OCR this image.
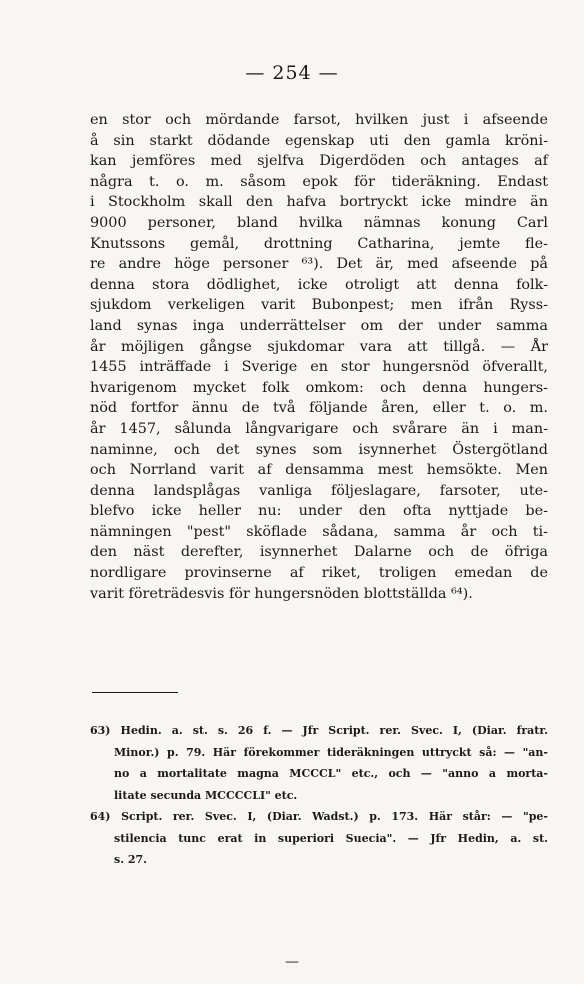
— 254 —
en stor och mördande farsot, hvilken just i afseende
å sin starkt dödande egenskap uti den gamla krönі-
kan jemföres med sjelfva Digerdöden och antages af
några t. o. m. såsom epok för tideräkning. Endast
i Stockholm skall den hafva bortryckt icke mindre än
9000 personer, bland hvilka nämnas konung Carl
Knutssons gemål, drottning Catharina, jemte fle-
re andre höge personer ⁶³). Det är, med afseende på
denna stora dödlighet, icke otroligt att denna folk-
sjukdom verkeligen varit Bubonpest; men ifrån Ryss-
land synas inga underrättelser om der under samma
år möjligen gångse sjukdomar vara att tillgå. — År
1455 inträffade i Sverige en stor hungersnöd öfverallt,
hvarigenom mycket folk omkom: och denna hungers-
nöd fortfor ännu de två följande åren, eller t. o. m.
år 1457, sålunda långvarigare och svårare än i man-
naminne, och det synes som isynnerhet Östergötland
och Norrland varit af densamma mest hemsökte. Men
denna landsplågas vanliga följeslagare, farsoter, ute-
blefvo icke heller nu: under den ofta nyttjade be-
nämningen "pest" sköflade sådana, samma år och ti-
den näst derefter, isynnerhet Dalarne och de öfriga
nordligare provinserne af riket, troligen emedan de
varit företrädesvis för hungersnöden blottställda ⁶⁴).
63) Hedin. a. st. s. 26 f. — Jfr Script. rer. Svec. I, (Diar. fratr.
Minor.) p. 79. Här förekommer tideräkningen uttryckt så: — "an-
no a mortalitate magna MCCCL" etc., och — "anno a morta-
litate secunda MCCCCLI" etc.
64) Script. rer. Svec. I, (Diar. Wadst.) p. 173. Här står: — "pe-
stilencia tunc erat in superiori Suecia". — Jfr Hedin, a. st.
s. 27.
—
